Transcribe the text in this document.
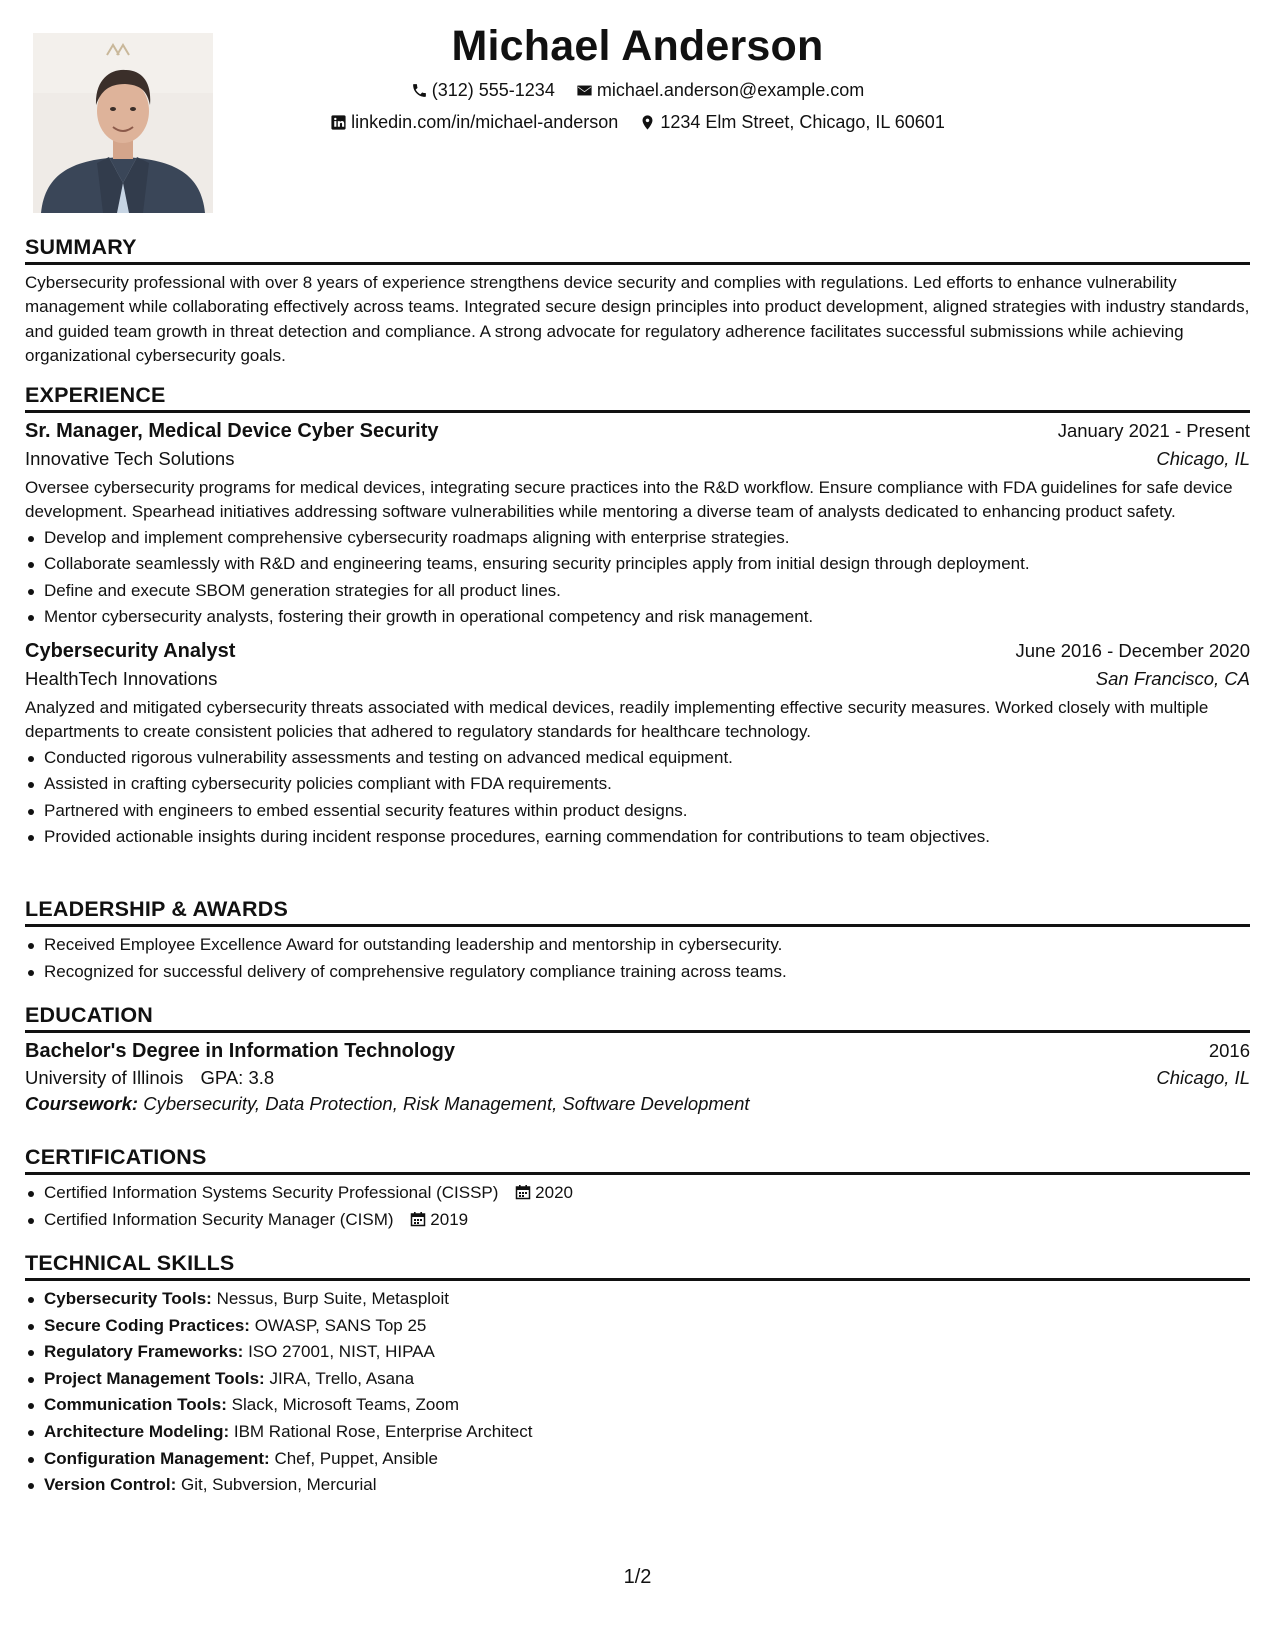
Michael Anderson
(312) 555-1234
michael.anderson@example.com
linkedin.com/in/michael-anderson
1234 Elm Street, Chicago, IL 60601
SUMMARY
Cybersecurity professional with over 8 years of experience strengthens device security and complies with regulations. Led efforts to enhance vulnerability management while collaborating effectively across teams. Integrated secure design principles into product development, aligned strategies with industry standards, and guided team growth in threat detection and compliance. A strong advocate for regulatory adherence facilitates successful submissions while achieving organizational cybersecurity goals.
EXPERIENCE
Sr. Manager, Medical Device Cyber Security	January 2021 - Present
Innovative Tech Solutions	Chicago, IL
Oversee cybersecurity programs for medical devices, integrating secure practices into the R&D workflow. Ensure compliance with FDA guidelines for safe device development. Spearhead initiatives addressing software vulnerabilities while mentoring a diverse team of analysts dedicated to enhancing product safety.
Develop and implement comprehensive cybersecurity roadmaps aligning with enterprise strategies.
Collaborate seamlessly with R&D and engineering teams, ensuring security principles apply from initial design through deployment.
Define and execute SBOM generation strategies for all product lines.
Mentor cybersecurity analysts, fostering their growth in operational competency and risk management.
Cybersecurity Analyst	June 2016 - December 2020
HealthTech Innovations	San Francisco, CA
Analyzed and mitigated cybersecurity threats associated with medical devices, readily implementing effective security measures. Worked closely with multiple departments to create consistent policies that adhered to regulatory standards for healthcare technology.
Conducted rigorous vulnerability assessments and testing on advanced medical equipment.
Assisted in crafting cybersecurity policies compliant with FDA requirements.
Partnered with engineers to embed essential security features within product designs.
Provided actionable insights during incident response procedures, earning commendation for contributions to team objectives.
LEADERSHIP & AWARDS
Received Employee Excellence Award for outstanding leadership and mentorship in cybersecurity.
Recognized for successful delivery of comprehensive regulatory compliance training across teams.
EDUCATION
Bachelor's Degree in Information Technology	2016
University of Illinois GPA: 3.8	Chicago, IL
Coursework: Cybersecurity, Data Protection, Risk Management, Software Development
CERTIFICATIONS
Certified Information Systems Security Professional (CISSP) 2020
Certified Information Security Manager (CISM) 2019
TECHNICAL SKILLS
Cybersecurity Tools: Nessus, Burp Suite, Metasploit
Secure Coding Practices: OWASP, SANS Top 25
Regulatory Frameworks: ISO 27001, NIST, HIPAA
Project Management Tools: JIRA, Trello, Asana
Communication Tools: Slack, Microsoft Teams, Zoom
Architecture Modeling: IBM Rational Rose, Enterprise Architect
Configuration Management: Chef, Puppet, Ansible
Version Control: Git, Subversion, Mercurial
1/2
